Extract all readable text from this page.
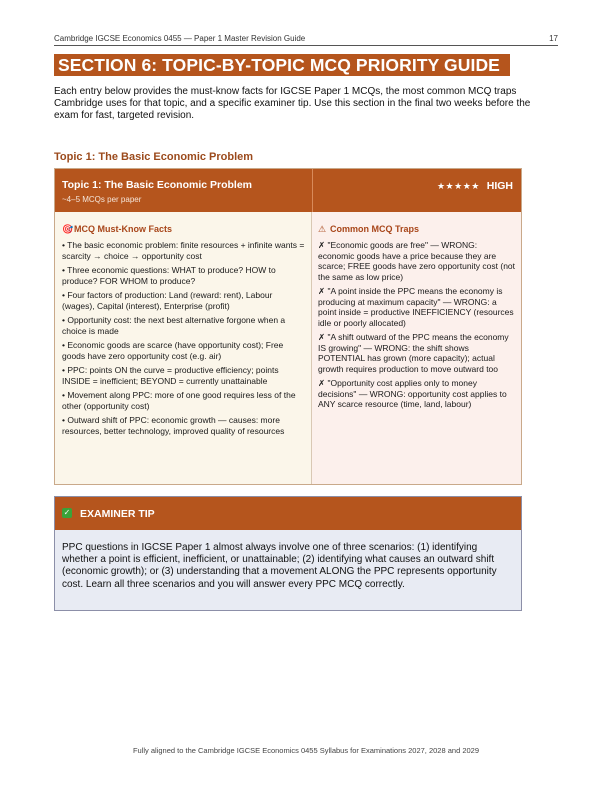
Cambridge IGCSE Economics 0455 — Paper 1 Master Revision Guide	17
SECTION 6: TOPIC-BY-TOPIC MCQ PRIORITY GUIDE
Each entry below provides the must-know facts for IGCSE Paper 1 MCQs, the most common MCQ traps Cambridge uses for that topic, and a specific examiner tip. Use this section in the final two weeks before the exam for fast, targeted revision.
Topic 1: The Basic Economic Problem
Topic 1: The Basic Economic Problem
~4–5 MCQs per paper
★★★★★ HIGH
🎯MCQ Must-Know Facts
• The basic economic problem: finite resources + infinite wants = scarcity → choice → opportunity cost
• Three economic questions: WHAT to produce? HOW to produce? FOR WHOM to produce?
• Four factors of production: Land (reward: rent), Labour (wages), Capital (interest), Enterprise (profit)
• Opportunity cost: the next best alternative forgone when a choice is made
• Economic goods are scarce (have opportunity cost); Free goods have zero opportunity cost (e.g. air)
• PPC: points ON the curve = productive efficiency; points INSIDE = inefficient; BEYOND = currently unattainable
• Movement along PPC: more of one good requires less of the other (opportunity cost)
• Outward shift of PPC: economic growth — causes: more resources, better technology, improved quality of resources
⚠ Common MCQ Traps
✗ "Economic goods are free" — WRONG: economic goods have a price because they are scarce; FREE goods have zero opportunity cost (not the same as low price)
✗ "A point inside the PPC means the economy is producing at maximum capacity" — WRONG: a point inside = productive INEFFICIENCY (resources idle or poorly allocated)
✗ "A shift outward of the PPC means the economy IS growing" — WRONG: the shift shows POTENTIAL has grown (more capacity); actual growth requires production to move outward too
✗ "Opportunity cost applies only to money decisions" — WRONG: opportunity cost applies to ANY scarce resource (time, land, labour)
✓ EXAMINER TIP
PPC questions in IGCSE Paper 1 almost always involve one of three scenarios: (1) identifying whether a point is efficient, inefficient, or unattainable; (2) identifying what causes an outward shift (economic growth); or (3) understanding that a movement ALONG the PPC represents opportunity cost. Learn all three scenarios and you will answer every PPC MCQ correctly.
Fully aligned to the Cambridge IGCSE Economics 0455 Syllabus for Examinations 2027, 2028 and 2029
